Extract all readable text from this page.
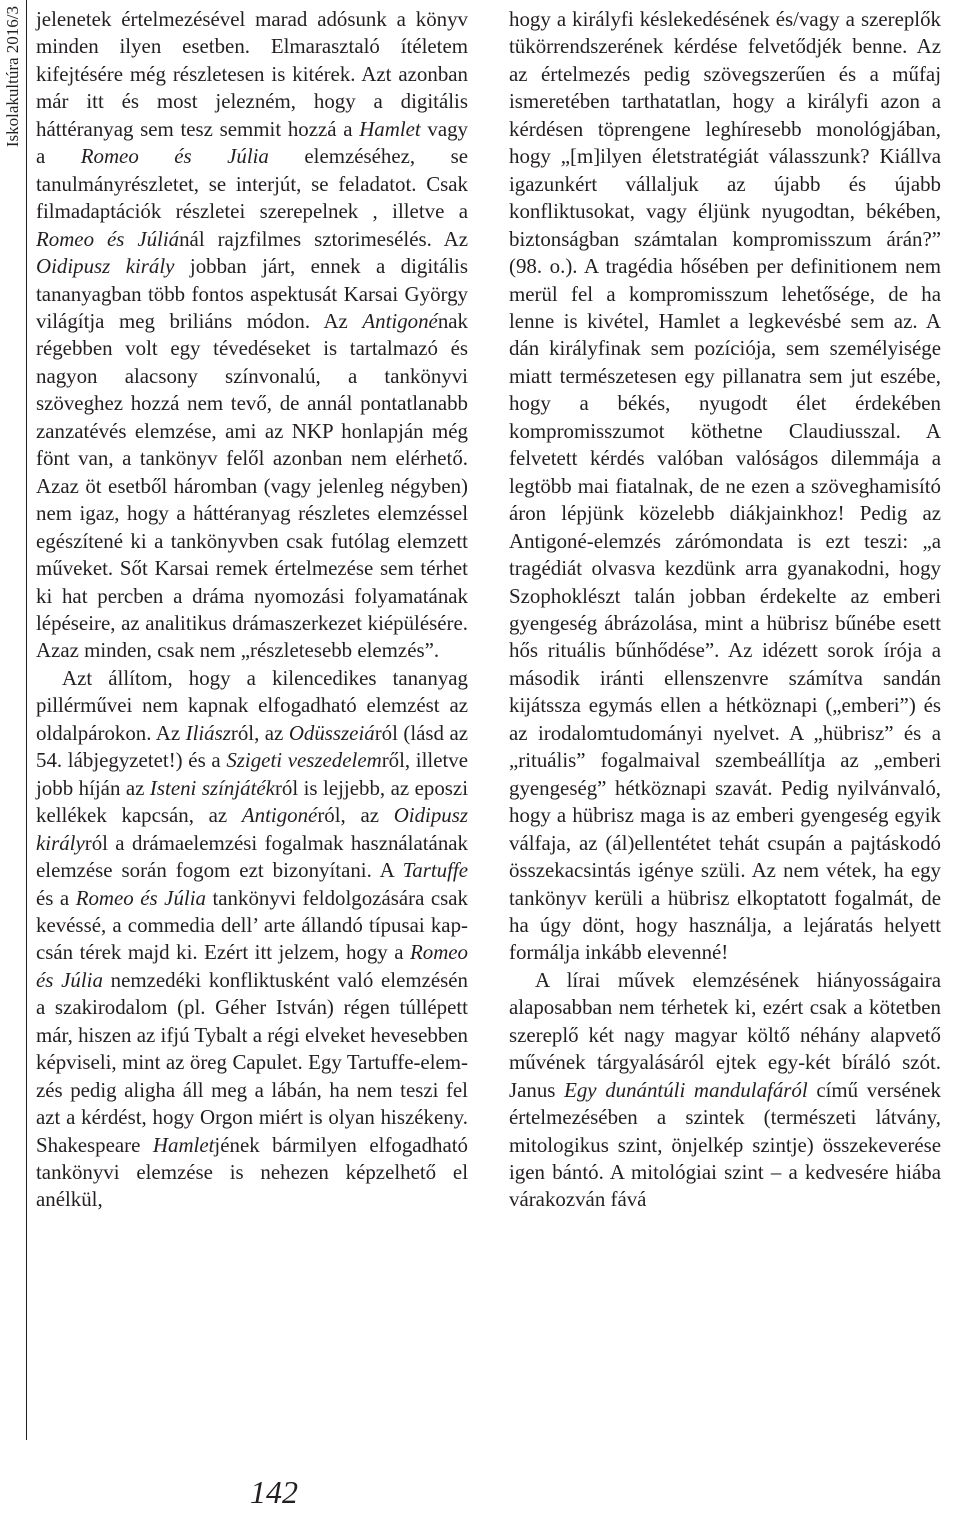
Iskolakultúra 2016/3 jelenetek értelmezésével marad adósunk a könyv minden ilyen esetben. Elmarasztaló ítéletem kifejtésére még részletesen is kitérek. Azt azonban már itt és most jelezném, hogy a digitális háttéranyag sem tesz semmit hozzá a Hamlet vagy a Romeo és Júlia elemzéséhez, se tanulmányrészletet, se interjút, se feladatot. Csak filmadaptációk részletei szerepelnek , illetve a Romeo és Júliánál rajzfilmes sztorimesélés. Az Oidipusz király jobban járt, ennek a digitális tananyagban több fontos aspektusát Karsai György világítja meg briliáns módon. Az Antigonénak régebben volt egy tévedéseket is tartalmazó és nagyon alacsony színvonalú, a tankönyvi szöveghez hozzá nem tevő, de annál pontatlanabb zanzatévés elemzése, ami az NKP honlapján még fönt van, a tankönyv felől azonban nem elérhető. Azaz öt esetből háromban (vagy jelenleg négyben) nem igaz, hogy a háttéranyag részletes elemzéssel egészítené ki a tankönyvben csak futólag elemzett műveket. Sőt Karsai remek értelmezése sem térhet ki hat percben a dráma nyomozási folyamatának lépéseire, az analitikus drámaszerkezet kiépülésére. Azaz minden, csak nem „részletesebb elemzés”.

Azt állítom, hogy a kilencedikes tananyag pillérművei nem kapnak elfogadható elemzést az oldalpárokon. Az Iliászról, az Odüsszeiáról (lásd az 54. lábjegyzetet!) és a Szigeti veszedelemről, illetve jobb híján az Isteni színjátékról is lejjebb, az eposzi kellékek kapcsán, az Antigonéról, az Oidipusz királyról a drámaelemzési fogalmak használatának elemzése során fogom ezt bizonyítani. A Tartuffe és a Romeo és Júlia tankönyvi feldolgozására csak kevéssé, a commedia dell’ arte állandó típusai kapcsán térek majd ki. Ezért itt jelzem, hogy a Romeo és Júlia nemzedéki konfliktusként való elemzésén a szakirodalom (pl. Géher István) régen túllépett már, hiszen az ifjú Tybalt a régi elveket hevesebben képviseli, mint az öreg Capulet. Egy Tartuffe-elemzés pedig aligha áll meg a lábán, ha nem teszi fel azt a kérdést, hogy Orgon miért is olyan hiszékeny. Shakespeare Hamletjének bármilyen elfogadható tankönyvi elemzése is nehezen képzelhető el anélkül,

hogy a királyfi késlekedésének és/vagy a szereplők tükörrendszerének kérdése felvetődjék benne. Az az értelmezés pedig szövegszerűen és a műfaj ismeretében tarthatatlan, hogy a királyfi azon a kérdésen töprengene leghíresebb monológjában, hogy „[m]ilyen életstratégiát válasszunk? Kiállva igazunkért vállaljuk az újabb és újabb konfliktusokat, vagy éljünk nyugodtan, békében, biztonságban számtalan kompromisszum árán?” (98. o.). A tragédia hősében per definitionem nem merül fel a kompromisszum lehetősége, de ha lenne is kivétel, Hamlet a legkevésbé sem az. A dán királyfinak sem pozíciója, sem személyisége miatt természetesen egy pillanatra sem jut eszébe, hogy a békés, nyugodt élet érdekében kompromisszumot köthetne Claudiusszal. A felvetett kérdés valóban valóságos dilemmája a legtöbb mai fiatalnak, de ne ezen a szöveghamisító áron lépjünk közelebb diákjainkhoz! Pedig az Antigoné-elemzés zárómondata is ezt teszi: „a tragédiát olvasva kezdünk arra gyanakodni, hogy Szophoklészt talán jobban érdekelte az emberi gyengeség ábrázolása, mint a hübrisz bűnébe esett hős rituális bűnhődése”. Az idézett sorok írója a második iránti ellenszenvre számítva sandán kijátssza egymás ellen a hétköznapi („emberi”) és az irodalomtudományi nyelvet. A „hübrisz” és a „rituális” fogalmaival szembeállítja az „emberi gyengeség” hétköznapi szavát. Pedig nyilvánvaló, hogy a hübrisz maga is az emberi gyengeség egyik válfaja, az (ál)ellentétet tehát csupán a pajtáskodó összekacsintás igénye szüli. Az nem vétek, ha egy tankönyv kerüli a hübrisz elkoptatott fogalmát, de ha úgy dönt, hogy használja, a lejáratás helyett formálja inkább elevenné!

A lírai művek elemzésének hiányosságaira alaposabban nem térhetek ki, ezért csak a kötetben szereplő két nagy magyar költő néhány alapvető művének tárgyalásáról ejtek egy-két bíráló szót. Janus Egy dunántúli mandulafáról című versének értelmezésében a szintek (természeti látvány, mitologikus szint, önjelkép szintje) összekeverése igen bántó. A mitológiai szint – a kedvesére hiába várakozván fává

142
